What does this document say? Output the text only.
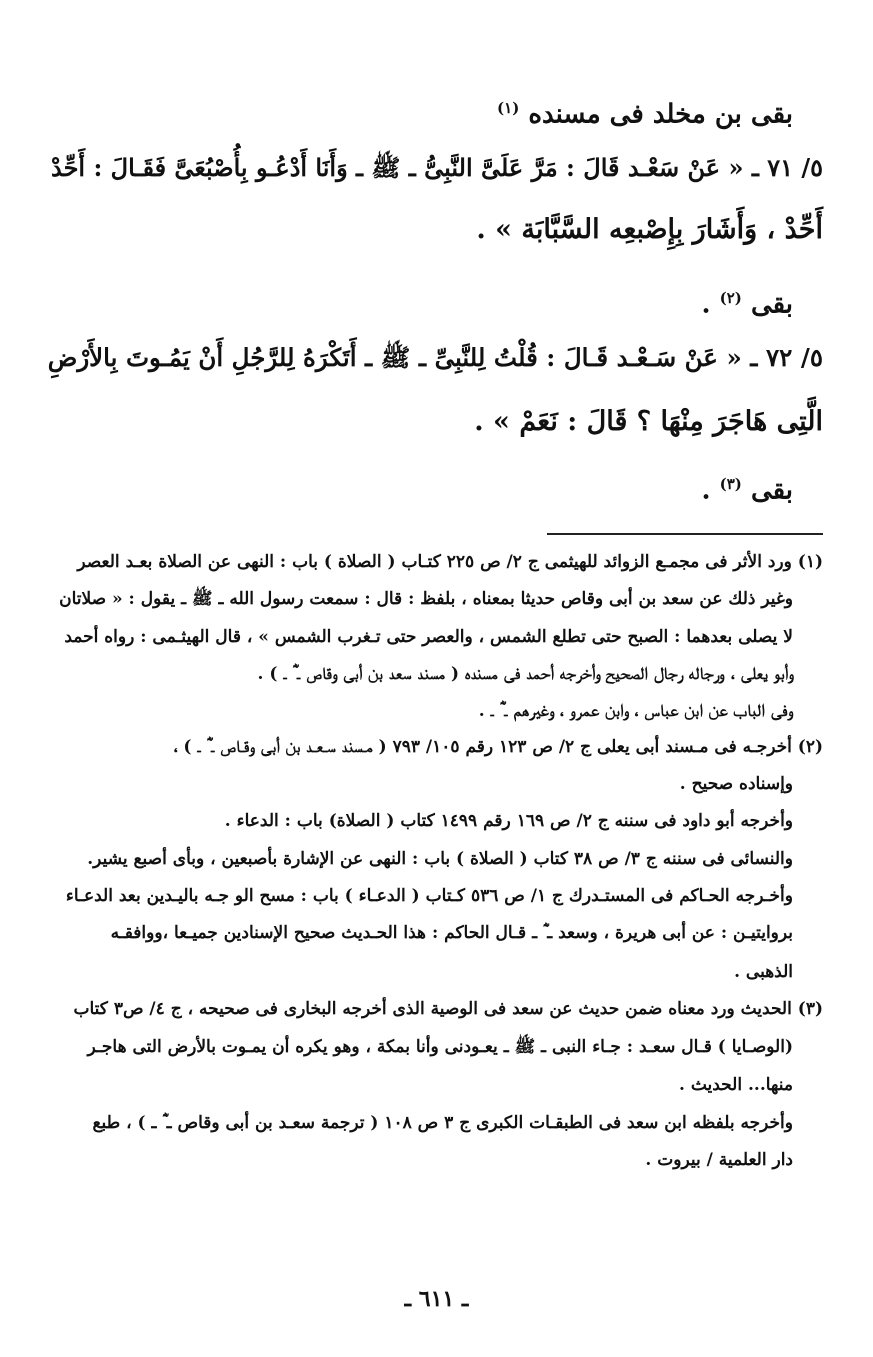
بقى بن مخلد فى مسنده $^{(١)}$
٥/ ٧١ ـ « عَنْ سَعْـد قَالَ : مَرَّ عَلَىَّ النَّبِىُّ ـ ﷺ ـ وَأَنَا أَدْعُـو بِأُصْبُعَىَّ فَقَـالَ : أَحِّدْ
أَحِّدْ ، وَأَشَارَ بِإِصْبعِه السَّبَّابَة » .
بقى $^{(٢)}$ .
٥/ ٧٢ ـ « عَنْ سَـعْـد قَـالَ : قُلْتُ لِلنَّبِىِّ ـ ﷺ ـ أَتَكْرَهُ لِلرَّجُلِ أَنْ يَمُـوتَ بِالأَرْضِ
الَّتِى هَاجَرَ مِنْهَا ؟ قَالَ : نَعَمْ » .
بقى $^{(٣)}$ .
(١) ورد الأثر فى مجمـع الزوائد للهيثمى ج ٢/ ص ٢٢٥ كتـاب ( الصلاة ) باب : النهى عن الصلاة بعـد العصر
وغير ذلك عن سعد بن أبى وقاص حديثا بمعناه ، بلفظ : قال : سمعت رسول الله ـ ﷺ ـ يقول : « صلاتان
لا يصلى بعدهما : الصبح حتى تطلع الشمس ، والعصر حتى تـغرب الشمس » ، قال الهيثـمى : رواه أحمد
وأبو يعلى ، ورجاله رجال الصحيح وأخرجه أحمد فى مسنده ( مسند سعد بن أبى وقاص ـ ؓ ـ ) .
وفى الباب عن ابن عباس ، وابن عمرو ، وغيرهم ـ ؓ ـ .
(٢) أخرجـه فى مـسند أبى يعلى ج ٢/ ص ١٢٣ رقم ١٠٥/ ٧٩٣ ( مـسند سـعـد بن أبى وقـاص ـ ؓ ـ ) ،
وإسناده صحيح .
وأخرجه أبو داود فى سننه ج ٢/ ص ١٦٩ رقم ١٤٩٩ كتاب ( الصلاة) باب : الدعاء .
والنسائى فى سننه ج ٣/ ص ٣٨ كتاب ( الصلاة ) باب : النهى عن الإشارة بأصبعين ، وبأى أصبع يشير.
وأخـرجه الحـاكم فى المستـدرك ج ١/ ص ٥٣٦ كـتاب ( الدعـاء ) باب : مسح الو جـه باليـدين بعد الدعـاء
بروايتيـن : عن أبى هريرة ، وسعد ـ ؓ ـ قـال الحاكم : هذا الحـديث صحيح الإسنادين جميـعا ،ووافقـه
الذهبى .
(٣) الحديث ورد معناه ضمن حديث عن سعد فى الوصية الذى أخرجه البخارى فى صحيحه ، ج ٤/ ص٣ كتاب
(الوصـايا ) قـال سعـد : جـاء النبى ـ ﷺ ـ يعـودنى وأنا بمكة ، وهو يكره أن يمـوت بالأرض التى هاجـر
منها... الحديث .
وأخرجه بلفظه ابن سعد فى الطبقـات الكبرى ج ٣ ص ١٠٨ ( ترجمة سعـد بن أبى وقاص ـ ؓ ـ ) ، طبع
دار العلمية / بيروت .
ـ ٦١١ ـ
